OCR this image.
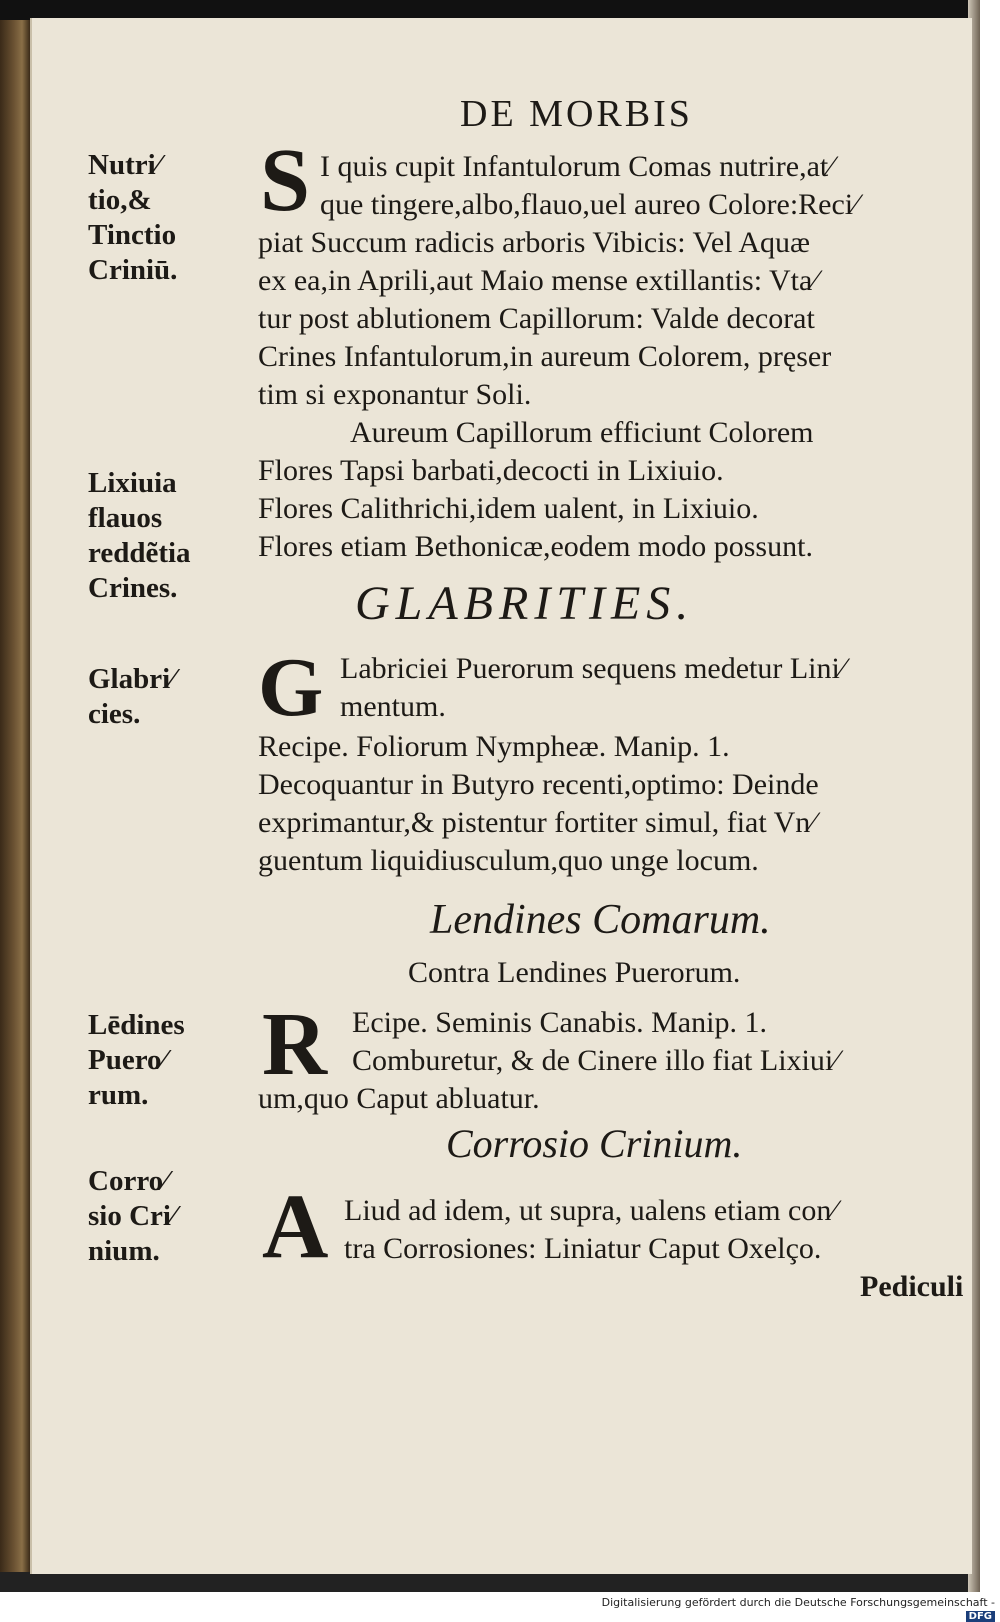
DE MORBIS
Nutri⁄
tio,&
Tinctio
Criniū.
Lixiuia
flauos
reddẽtia
Crines.
Glabri⁄
cies.
Lēdines
Puero⁄
rum.
Corro⁄
sio Cri⁄
nium.
S I quis cupit Infantulorum Comas nutrire,at⁄
que tingere,albo,flauo,uel aureo Colore:Reci⁄
piat Succum radicis arboris Vibicis: Vel Aquæ
ex ea,in Aprili,aut Maio mense extillantis: Vta⁄
tur post ablutionem Capillorum: Valde decorat
Crines Infantulorum,in aureum Colorem, pręser
tim si exponantur Soli.
Aureum Capillorum efficiunt Colorem
Flores Tapsi barbati,decocti in Lixiuio.
Flores Calithrichi,idem ualent, in Lixiuio.
Flores etiam Bethonicæ,eodem modo possunt.
GLABRITIES.
G Labriciei Puerorum sequens medetur Lini⁄
mentum.
Recipe. Foliorum Nympheæ. Manip. 1.
Decoquantur in Butyro recenti,optimo: Deinde
exprimantur,& pistentur fortiter simul, fiat Vn⁄
guentum liquidiusculum,quo unge locum.
Lendines Comarum.
Contra Lendines Puerorum.
R Ecipe. Seminis Canabis. Manip. 1.
Comburetur, & de Cinere illo fiat Lixiui⁄
um,quo Caput abluatur.
Corrosio Crinium.
A Liud ad idem, ut supra, ualens etiam con⁄
tra Corrosiones: Liniatur Caput Oxelço.
Pediculi
Digitalisierung gefördert durch die Deutsche Forschungsgemeinschaft -DFG
